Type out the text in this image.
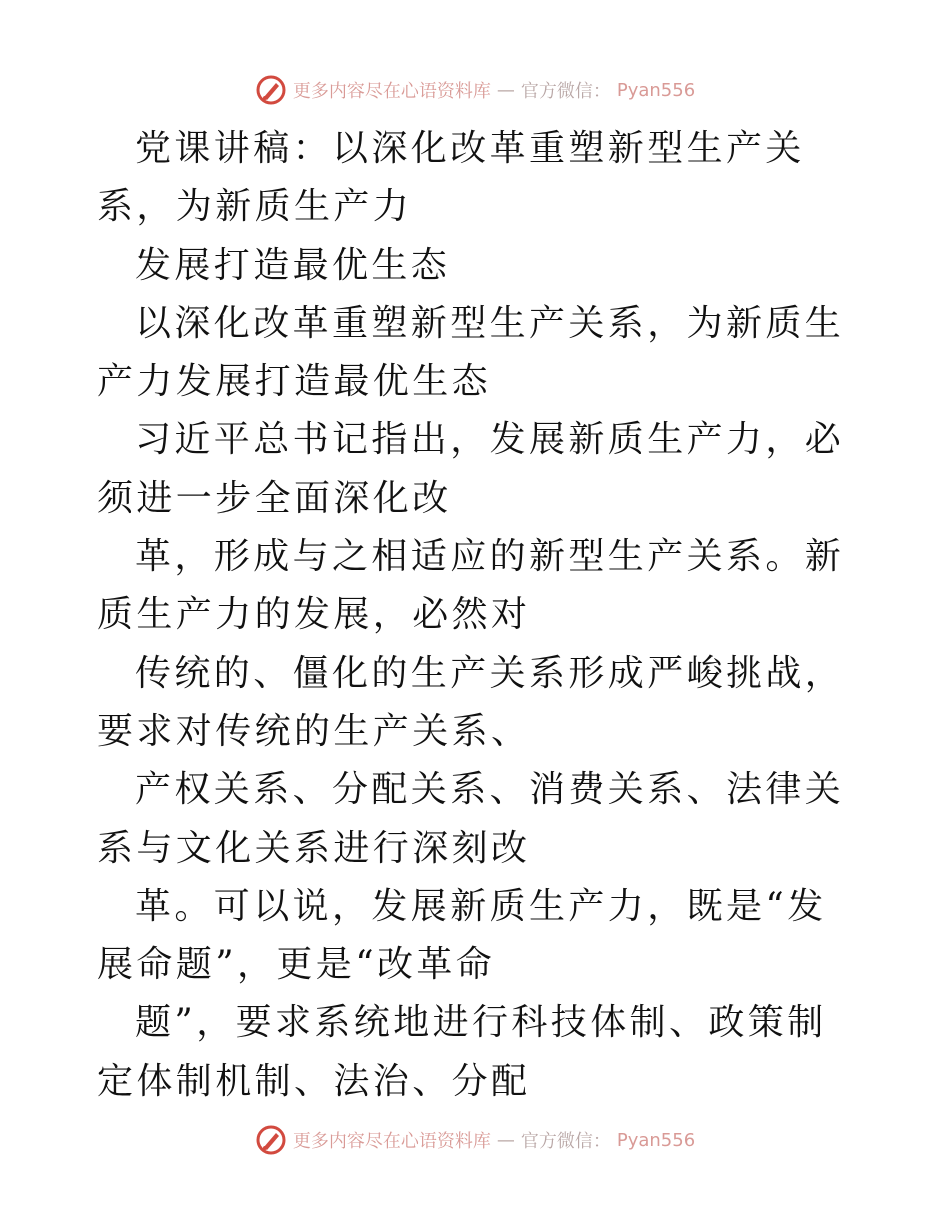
更多内容尽在心语资料库 — 官方微信： Pyan556

党课讲稿：以深化改革重塑新型生产关系，为新质生产力

发展打造最优生态

以深化改革重塑新型生产关系，为新质生产力发展打造最优生态

习近平总书记指出，发展新质生产力，必须进一步全面深化改

革，形成与之相适应的新型生产关系。新质生产力的发展，必然对

传统的、僵化的生产关系形成严峻挑战，要求对传统的生产关系、

产权关系、分配关系、消费关系、法律关系与文化关系进行深刻改

革。可以说，发展新质生产力，既是“发展命题”，更是“改革命

题”，要求系统地进行科技体制、政策制定体制机制、法治、分配

更多内容尽在心语资料库 — 官方微信： Pyan556
